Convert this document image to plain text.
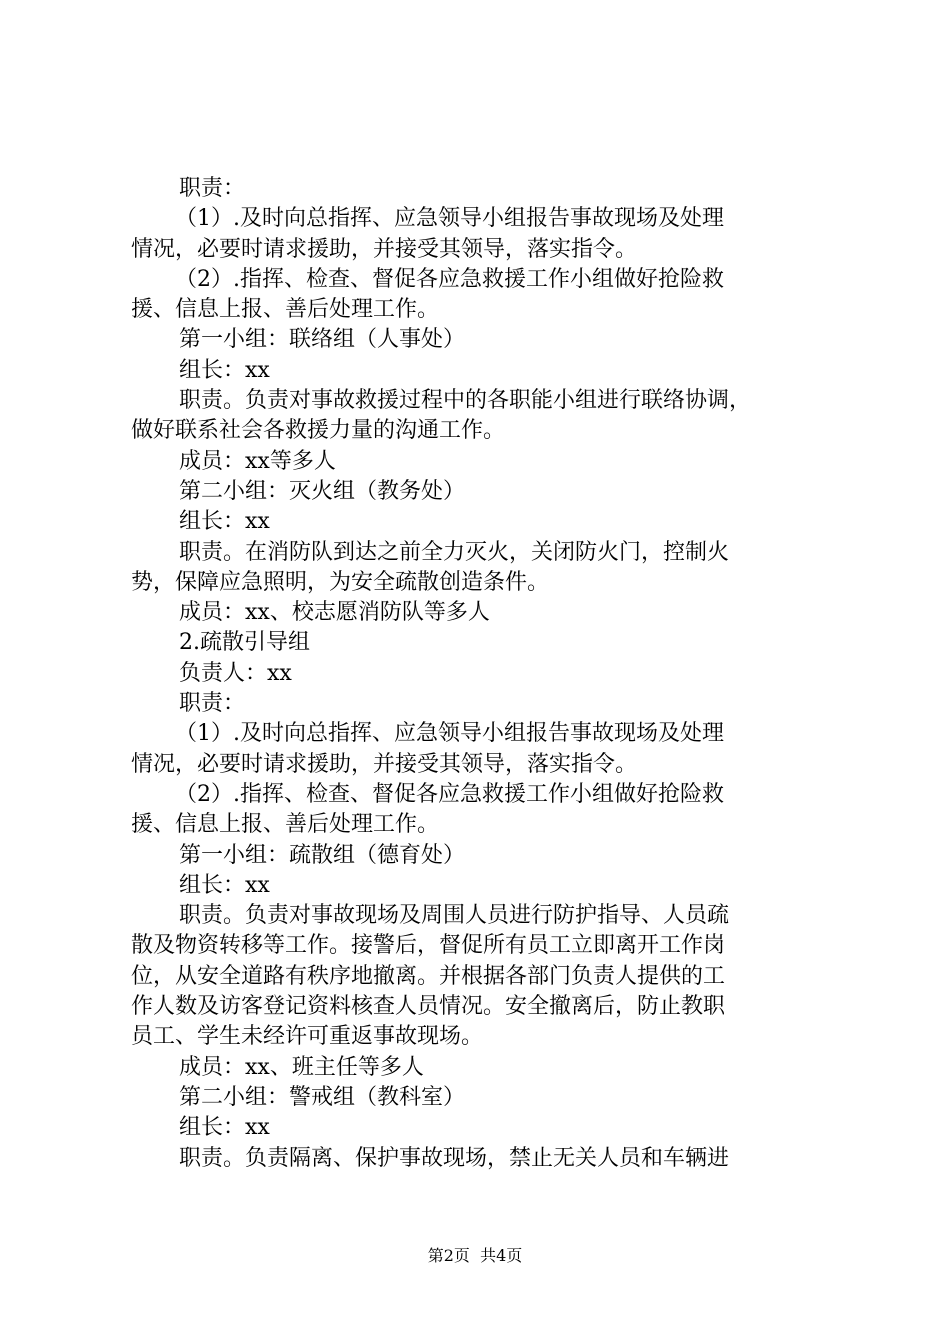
职责：
（1）.及时向总指挥、应急领导小组报告事故现场及处理
情况，必要时请求援助，并接受其领导，落实指令。
（2）.指挥、检查、督促各应急救援工作小组做好抢险救
援、信息上报、善后处理工作。
第一小组：联络组（人事处）
组长：xx
职责。负责对事故救援过程中的各职能小组进行联络协调，
做好联系社会各救援力量的沟通工作。
成员：xx等多人
第二小组：灭火组（教务处）
组长：xx
职责。在消防队到达之前全力灭火，关闭防火门，控制火
势，保障应急照明，为安全疏散创造条件。
成员：xx、校志愿消防队等多人
2.疏散引导组
负责人：xx
职责：
（1）.及时向总指挥、应急领导小组报告事故现场及处理
情况，必要时请求援助，并接受其领导，落实指令。
（2）.指挥、检查、督促各应急救援工作小组做好抢险救
援、信息上报、善后处理工作。
第一小组：疏散组（德育处）
组长：xx
职责。负责对事故现场及周围人员进行防护指导、人员疏
散及物资转移等工作。接警后，督促所有员工立即离开工作岗
位，从安全道路有秩序地撤离。并根据各部门负责人提供的工
作人数及访客登记资料核查人员情况。安全撤离后，防止教职
员工、学生未经许可重返事故现场。
成员：xx、班主任等多人
第二小组：警戒组（教科室）
组长：xx
职责。负责隔离、保护事故现场，禁止无关人员和车辆进
第2页  共4页
